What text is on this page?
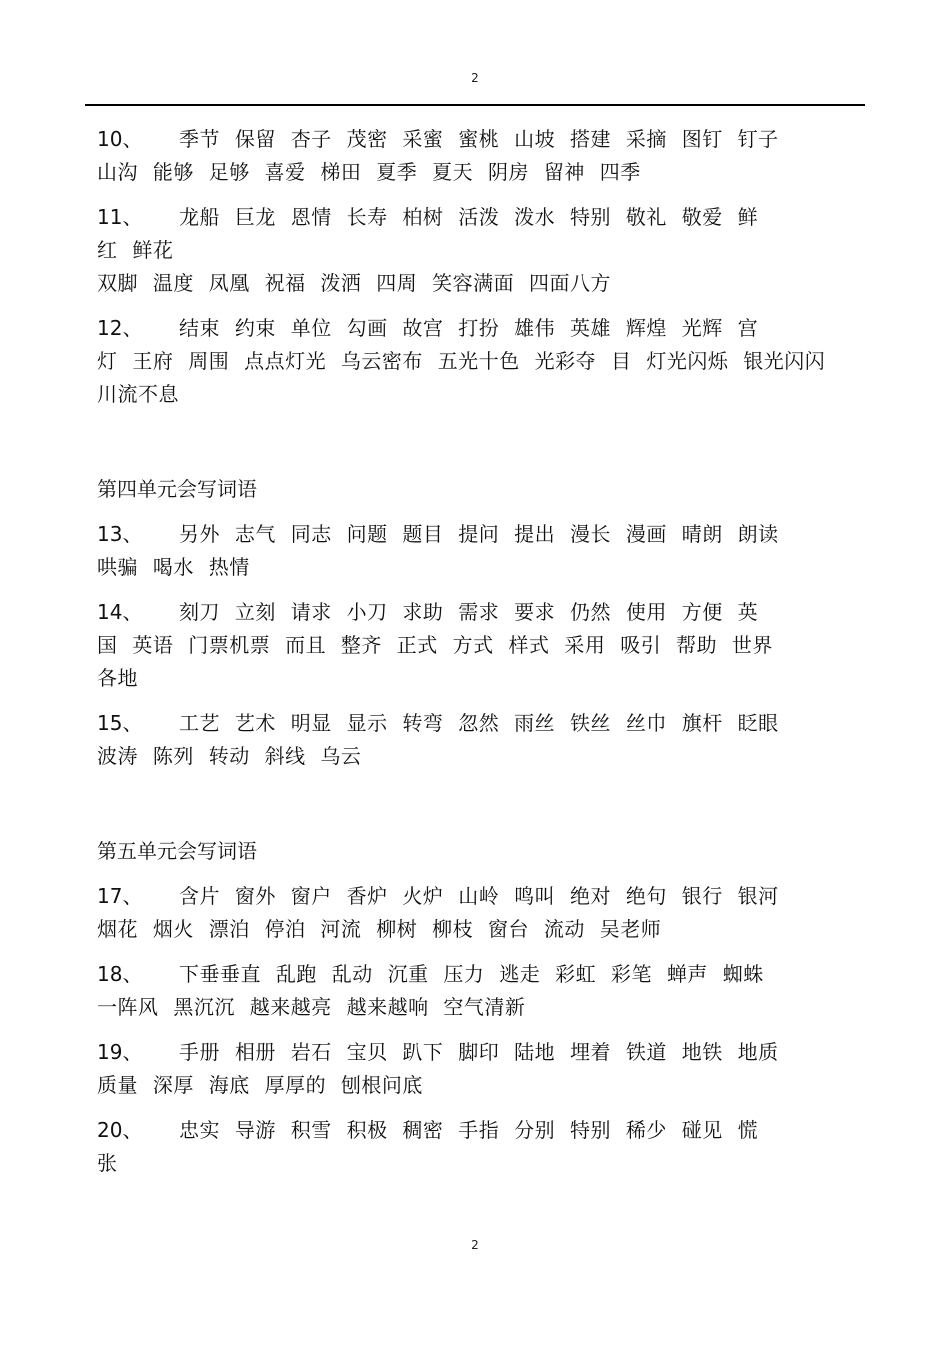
2
10、 季节 保留 杏子 茂密 采蜜 蜜桃 山坡 搭建 采摘 图钉 钉子
山沟 能够 足够 喜爱 梯田 夏季 夏天 阴房 留神 四季
11、 龙船 巨龙 恩情 长寿 柏树 活泼 泼水 特别 敬礼 敬爱 鲜
红 鲜花
双脚 温度 凤凰 祝福 泼洒 四周 笑容满面 四面八方
12、 结束 约束 单位 勾画 故宫 打扮 雄伟 英雄 辉煌 光辉 宫
灯 王府 周围 点点灯光 乌云密布 五光十色 光彩夺 目 灯光闪烁 银光闪闪
川流不息
第四单元会写词语
13、 另外 志气 同志 问题 题目 提问 提出 漫长 漫画 晴朗 朗读
哄骗 喝水 热情
14、 刻刀 立刻 请求 小刀 求助 需求 要求 仍然 使用 方便 英
国 英语 门票机票 而且 整齐 正式 方式 样式 采用 吸引 帮助 世界
各地
15、 工艺 艺术 明显 显示 转弯 忽然 雨丝 铁丝 丝巾 旗杆 眨眼
波涛 陈列 转动 斜线 乌云
第五单元会写词语
17、 含片 窗外 窗户 香炉 火炉 山岭 鸣叫 绝对 绝句 银行 银河
烟花 烟火 漂泊 停泊 河流 柳树 柳枝 窗台 流动 吴老师
18、 下垂垂直 乱跑 乱动 沉重 压力 逃走 彩虹 彩笔 蝉声 蜘蛛
一阵风 黑沉沉 越来越亮 越来越响 空气清新
19、 手册 相册 岩石 宝贝 趴下 脚印 陆地 埋着 铁道 地铁 地质
质量 深厚 海底 厚厚的 刨根问底
20、 忠实 导游 积雪 积极 稠密 手指 分别 特别 稀少 碰见 慌
张
2
